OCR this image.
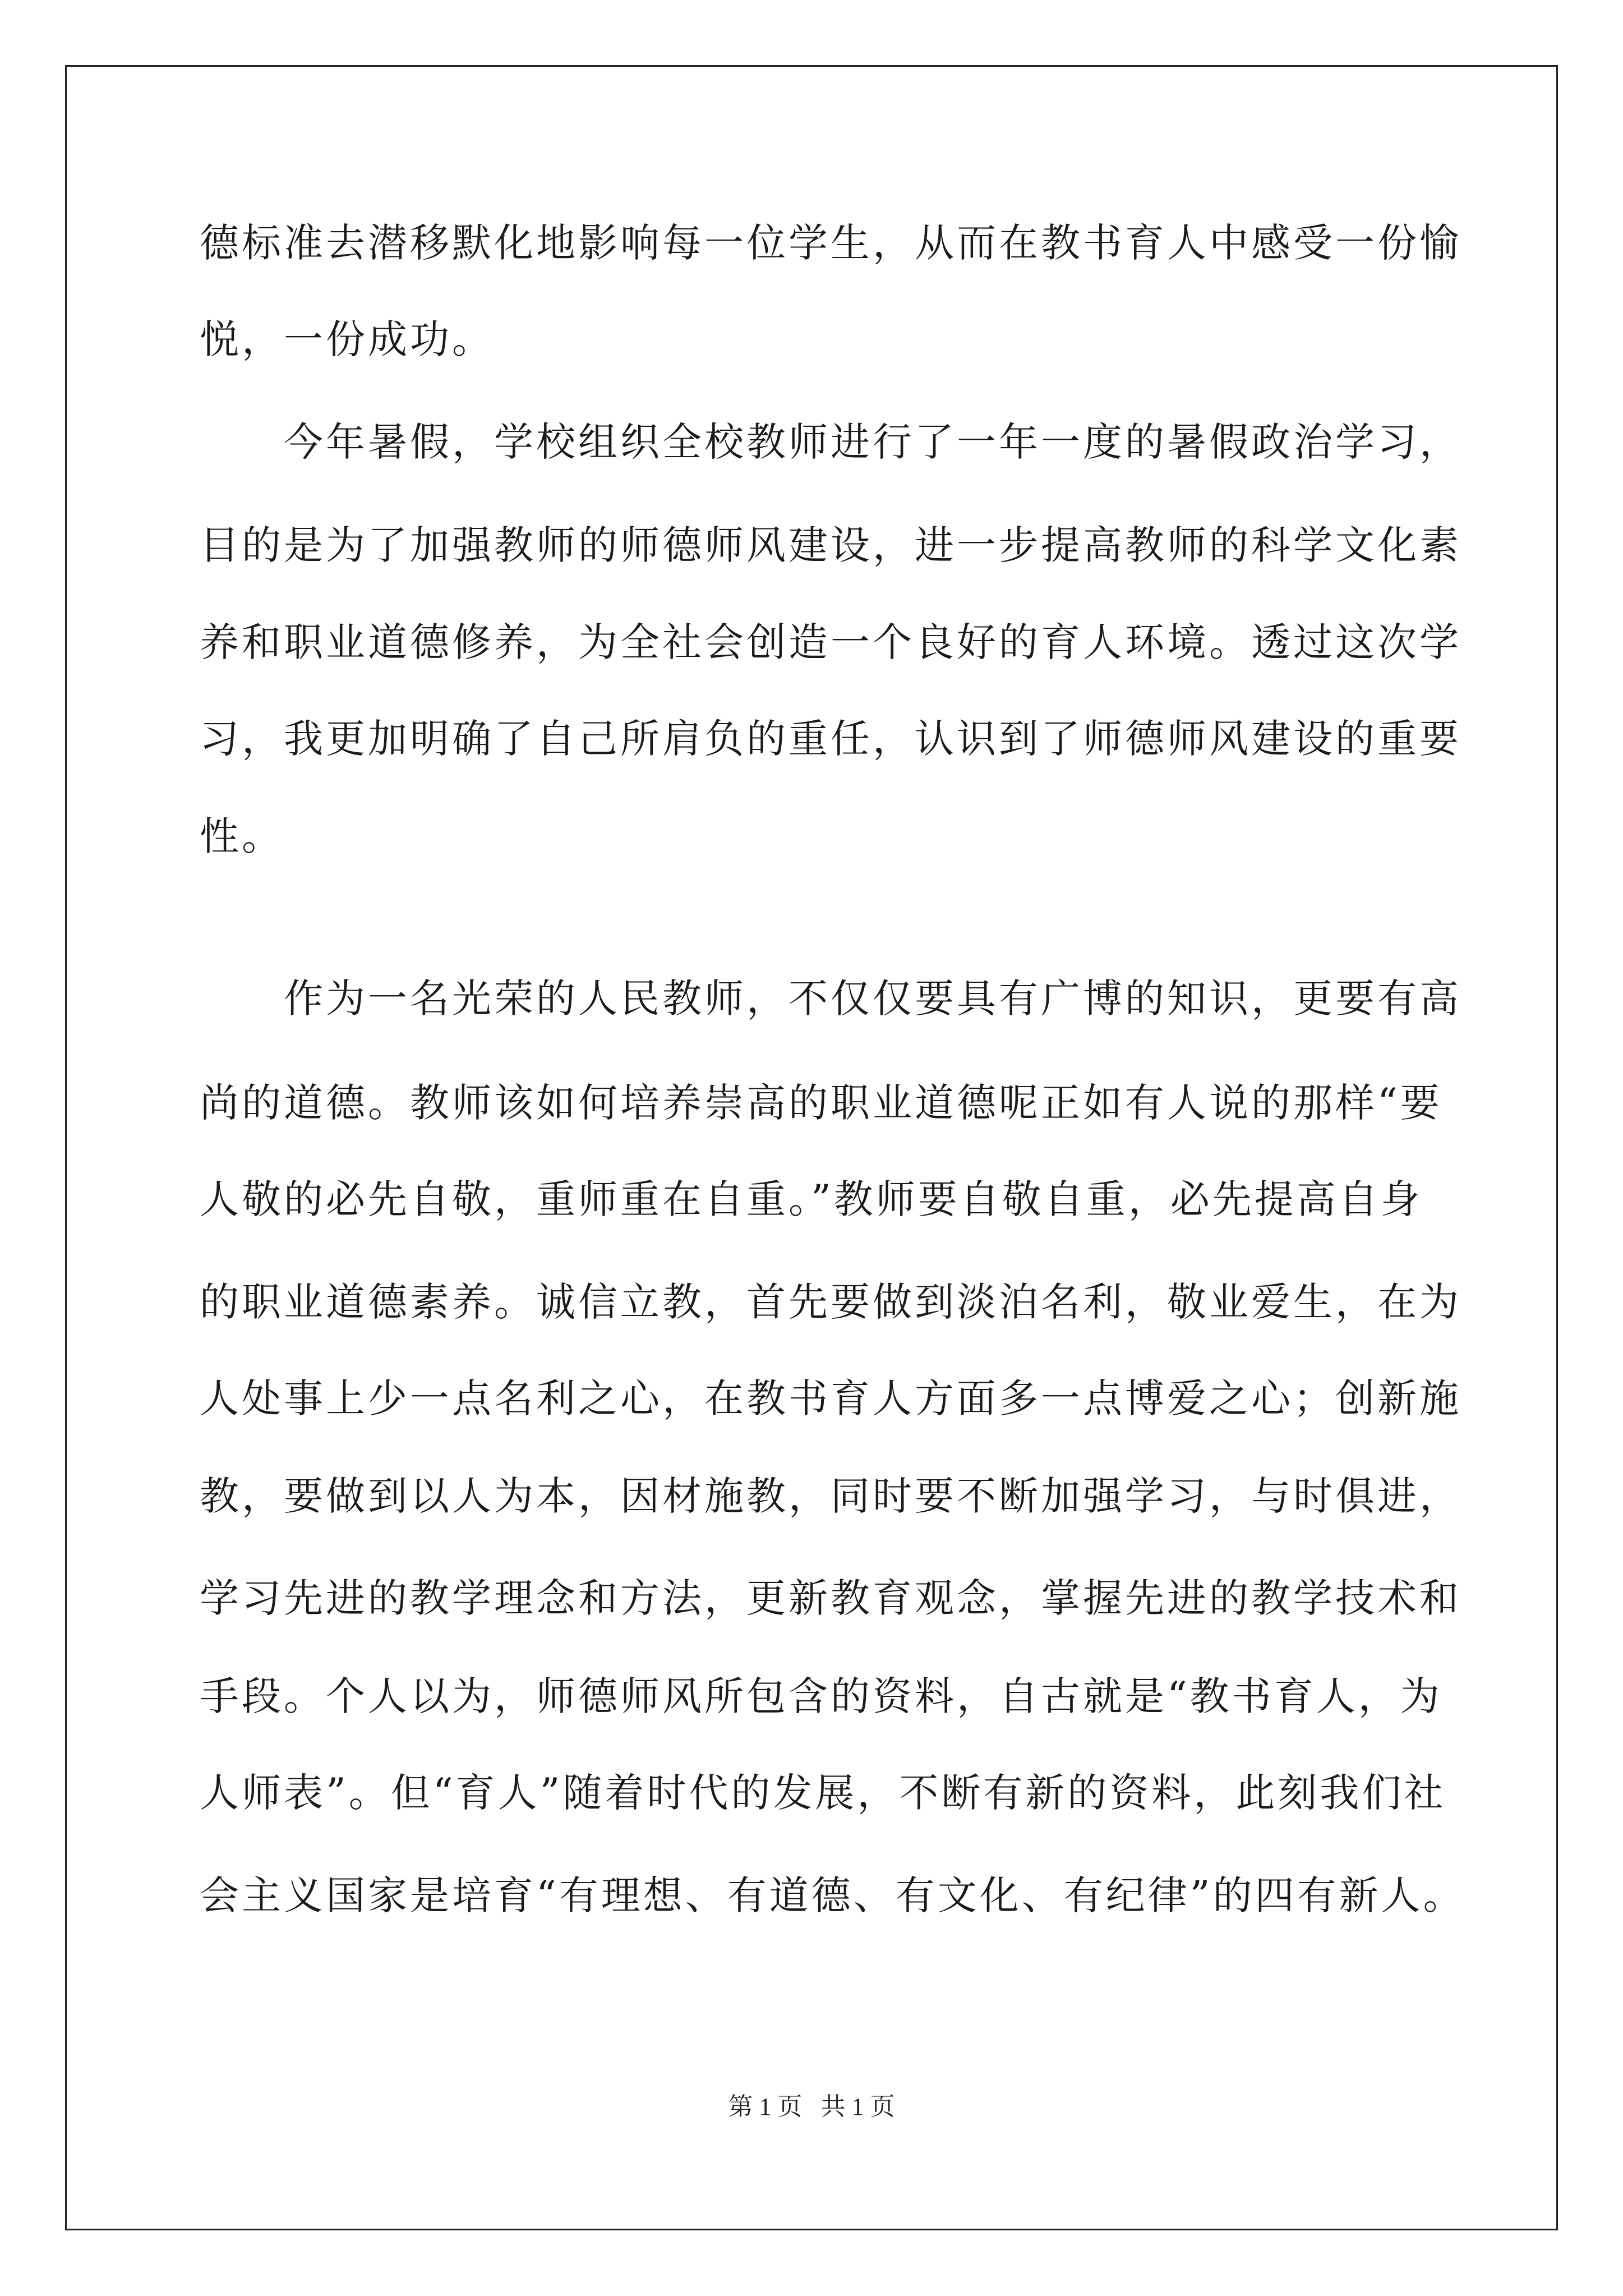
德标准去潜移默化地影响每一位学生，从而在教书育人中感受一份愉
悦，一份成功。
　　今年暑假，学校组织全校教师进行了一年一度的暑假政治学习，
目的是为了加强教师的师德师风建设，进一步提高教师的科学文化素
养和职业道德修养，为全社会创造一个良好的育人环境。透过这次学
习，我更加明确了自己所肩负的重任，认识到了师德师风建设的重要
性。
　　作为一名光荣的人民教师，不仅仅要具有广博的知识，更要有高
尚的道德。教师该如何培养崇高的职业道德呢正如有人说的那样“要
人敬的必先自敬，重师重在自重。”教师要自敬自重，必先提高自身
的职业道德素养。诚信立教，首先要做到淡泊名利，敬业爱生，在为
人处事上少一点名利之心，在教书育人方面多一点博爱之心；创新施
教，要做到以人为本，因材施教，同时要不断加强学习，与时俱进，
学习先进的教学理念和方法，更新教育观念，掌握先进的教学技术和
手段。个人以为，师德师风所包含的资料，自古就是“教书育人，为
人师表”。但“育人”随着时代的发展，不断有新的资料，此刻我们社
会主义国家是培育“有理想、有道德、有文化、有纪律”的四有新人。
第 1 页   共 1 页
